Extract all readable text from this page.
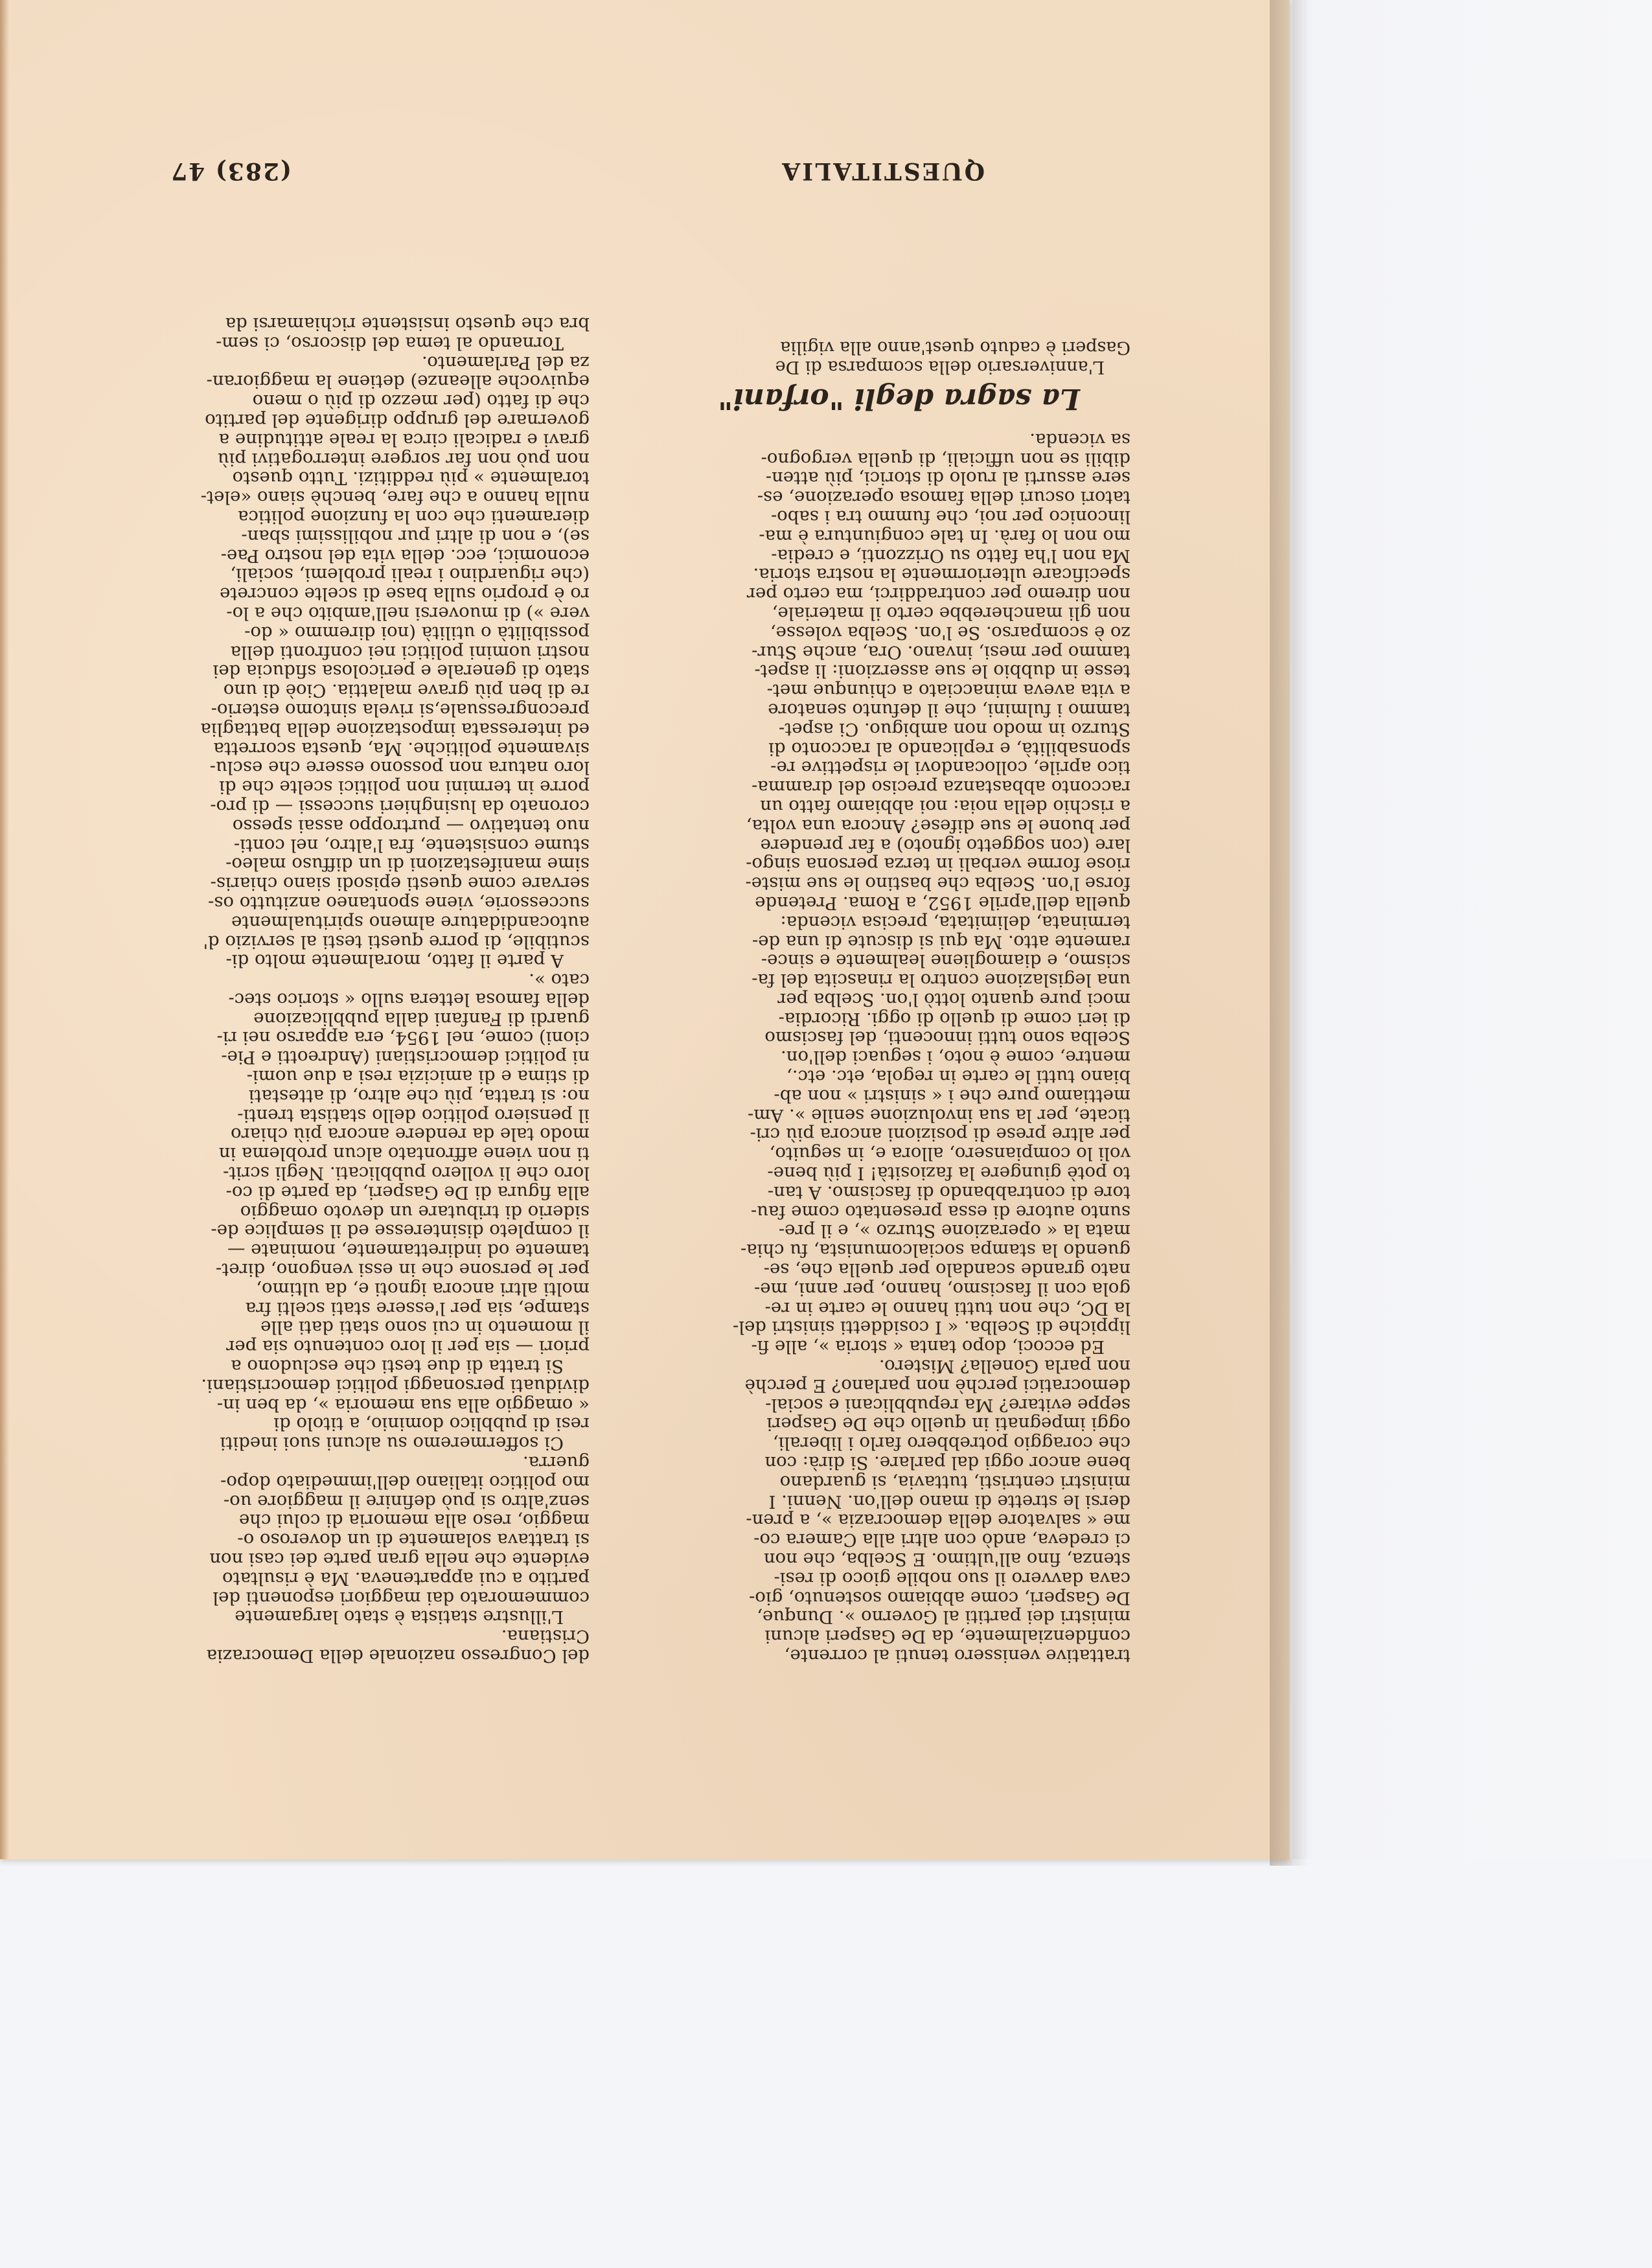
QUESTITALIA
(283) 47

trattative venissero tenuti al corrente,
confidenzialmente, da De Gasperi alcuni
ministri dei partiti al Governo ». Dunque,
De Gasperi, come abbiamo sostenuto, gio-
cava davvero il suo nobile gioco di resi-
stenza, fino all'ultimo. E Scelba, che non
ci credeva, andò con altri alla Camera co-
me « salvatore della democrazia », a pren-
dersi le strette di mano dell'on. Nenni. I
ministri centristi, tuttavia, si guardano
bene ancor oggi dal parlare. Si dirà: con
che coraggio potrebbero farlo i liberali,
oggi impegnati in quello che De Gasperi
seppe evitare? Ma repubblicani e social-
democratici perchè non parlano? E perchè
non parla Gonella? Mistero.

Ed eccoci, dopo tanta « storia », alle fi-
lippiche di Scelba. « I cosiddetti sinistri del-
la DC, che non tutti hanno le carte in re-
gola con il fascismo, hanno, per anni, me-
nato grande scandalo per quella che, se-
guendo la stampa socialcomunista, fu chia-
mata la « operazione Sturzo », e il pre-
sunto autore di essa presentato come fau-
tore di contrabbando di fascismo. A tan-
to potè giungere la faziosità! I più bene-
voli lo compiansero, allora e, in seguito,
per altre prese di posizioni ancora più cri-
ticate, per la sua involuzione senile ». Am-
mettiamo pure che i « sinistri » non ab-
biano tutti le carte in regola, etc. etc.,
mentre, come è noto, i seguaci dell'on.
Scelba sono tutti innocenti, del fascismo
di ieri come di quello di oggi. Ricordia-
moci pure quanto lottò l'on. Scelba per
una legislazione contro la rinascita del fa-
scismo, e diamogliene lealmente e since-
ramente atto. Ma qui si discute di una de-
terminata, delimitata, precisa vicenda:
quella dell'aprile 1952, a Roma. Pretende
forse l'on. Scelba che bastino le sue miste-
riose forme verbali in terza persona singo-
lare (con soggetto ignoto) a far prendere
per buone le sue difese? Ancora una volta,
a rischio della noia: noi abbiamo fatto un
racconto abbastanza preciso del dramma-
tico aprile, collocandovi le rispettive re-
sponsabilità, e replicando al racconto di
Sturzo in modo non ambiguo. Ci aspet-
tammo i fulmini, che il defunto senatore
a vita aveva minacciato a chiunque met-
tesse in dubbio le sue asserzioni: li aspet-
tammo per mesi, invano. Ora, anche Stur-
zo è scomparso. Se l'on. Scelba volesse,
non gli mancherebbe certo il materiale,
non diremo per contraddirci, ma certo per
specificare ulteriormente la nostra storia.
Ma non l'ha fatto su Orizzonti, e credia-
mo non lo farà. In tale congiuntura è ma-
linconico per noi, che fummo tra i sabo-
tatori oscuri della famosa operazione, es-
sere assurti al ruolo di storici, più atten-
dibili se non ufficiali, di quella vergogno-
sa vicenda.

La sagra degli "orfani"

L'anniversario della scomparsa di De
Gasperi è caduto quest'anno alla vigilia

del Congresso nazionale della Democrazia
Cristiana.

L'illustre statista è stato largamente
commemorato dai maggiori esponenti del
partito a cui apparteneva. Ma è risultato
evidente che nella gran parte dei casi non
si trattava solamente di un doveroso o-
maggio, reso alla memoria di colui che
senz'altro si può definire il maggiore uo-
mo politico italiano dell'immediato dopo-
guerra.

Ci soffermeremo su alcuni suoi inediti
resi di pubblico dominio, a titolo di
« omaggio alla sua memoria », da ben in-
dividuati personaggi politici democristiani.

Si tratta di due testi che escludono a
priori — sia per il loro contenuto sia per
il momento in cui sono stati dati alle
stampe, sia per l'essere stati scelti fra
molti altri ancora ignoti e, da ultimo,
per le persone che in essi vengono, diret-
tamente od indirettamente, nominate —
il completo disinteresse ed il semplice de-
siderio di tributare un devoto omaggio
alla figura di De Gasperi, da parte di co-
loro che li vollero pubblicati. Negli scrit-
ti non viene affrontato alcun problema in
modo tale da rendere ancora più chiaro
il pensiero politico dello statista trenti-
no: si tratta, più che altro, di attestati
di stima e di amicizia resi a due uomi-
ni politici democristiani (Andreotti e Pie-
cioni) come, nel 1954, era apparso nei ri-
guardi di Fanfani dalla pubblicazione
della famosa lettera sullo « storico stec-
cato ».

A parte il fatto, moralmente molto di-
scutibile, di porre questi testi al servizio d'
autocandidature almeno spiritualmente
successorie, viene spontaneo anzitutto os-
servare come questi episodi siano chiaris-
sime manifestazioni di un diffuso maleo-
stume consistente, fra l'altro, nel conti-
nuo tentativo — purtroppo assai spesso
coronato da lusinghieri successi — di pro-
porre in termini non politici scelte che di
loro natura non possono essere che esclu-
sivamente politiche. Ma, questa scorretta
ed interessata impostazione della battaglia
precongressuale,si rivela sintomo esterio-
re di ben più grave malattia. Cioè di uno
stato di generale e pericolosa sfiducia dei
nostri uomini politici nei confronti della
possibilità o utilità (noi diremmo « do-
vere ») di muoversi nell'ambito che a lo-
ro è proprio sulla base di scelte concrete
(che riguardino i reali problemi, sociali,
economici, ecc. della vita del nostro Pae-
se), e non di altri pur nobilissimi sban-
dieramenti che con la funzione politica
nulla hanno a che fare, benchè siano «elet-
toralmente » più redditizi. Tutto questo
non può non far sorgere interrogativi più
gravi e radicali circa la reale attitudine a
governare del gruppo dirigente del partito
che di fatto (per mezzo di più o meno
equivoche alleanze) detiene la maggioran-
za del Parlamento.

Tornando al tema del discorso, ci sem-
bra che questo insistente richiamarsi da
